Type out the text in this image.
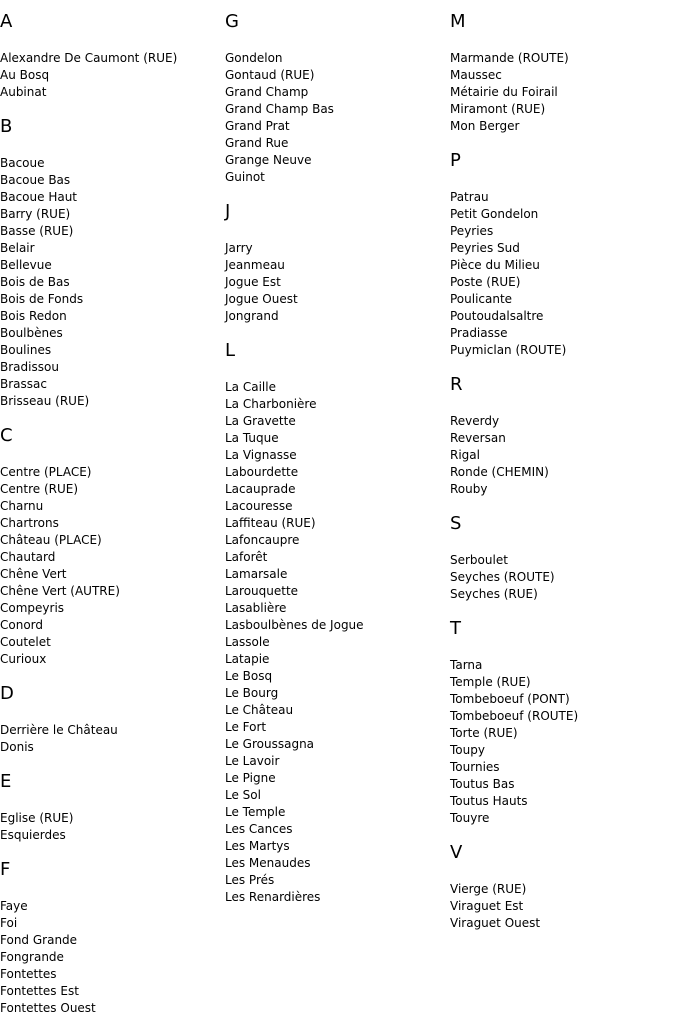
A
Alexandre De Caumont (RUE)
Au Bosq
Aubinat
B
Bacoue
Bacoue Bas
Bacoue Haut
Barry (RUE)
Basse (RUE)
Belair
Bellevue
Bois de Bas
Bois de Fonds
Bois Redon
Boulbènes
Boulines
Bradissou
Brassac
Brisseau (RUE)
C
Centre (PLACE)
Centre (RUE)
Charnu
Chartrons
Château (PLACE)
Chautard
Chêne Vert
Chêne Vert (AUTRE)
Compeyris
Conord
Coutelet
Curioux
D
Derrière le Château
Donis
E
Eglise (RUE)
Esquierdes
F
Faye
Foi
Fond Grande
Fongrande
Fontettes
Fontettes Est
Fontettes Ouest
G
Gondelon
Gontaud (RUE)
Grand Champ
Grand Champ Bas
Grand Prat
Grand Rue
Grange Neuve
Guinot
J
Jarry
Jeanmeau
Jogue Est
Jogue Ouest
Jongrand
L
La Caille
La Charbonière
La Gravette
La Tuque
La Vignasse
Labourdette
Lacauprade
Lacouresse
Laffiteau (RUE)
Lafoncaupre
Laforêt
Lamarsale
Larouquette
Lasablière
Lasboulbènes de Jogue
Lassole
Latapie
Le Bosq
Le Bourg
Le Château
Le Fort
Le Groussagna
Le Lavoir
Le Pigne
Le Sol
Le Temple
Les Cances
Les Martys
Les Menaudes
Les Prés
Les Renardières
M
Marmande (ROUTE)
Maussec
Métairie du Foirail
Miramont (RUE)
Mon Berger
P
Patrau
Petit Gondelon
Peyries
Peyries Sud
Pièce du Milieu
Poste (RUE)
Poulicante
Poutoudalsaltre
Pradiasse
Puymiclan (ROUTE)
R
Reverdy
Reversan
Rigal
Ronde (CHEMIN)
Rouby
S
Serboulet
Seyches (ROUTE)
Seyches (RUE)
T
Tarna
Temple (RUE)
Tombeboeuf (PONT)
Tombeboeuf (ROUTE)
Torte (RUE)
Toupy
Tournies
Toutus Bas
Toutus Hauts
Touyre
V
Vierge (RUE)
Viraguet Est
Viraguet Ouest
